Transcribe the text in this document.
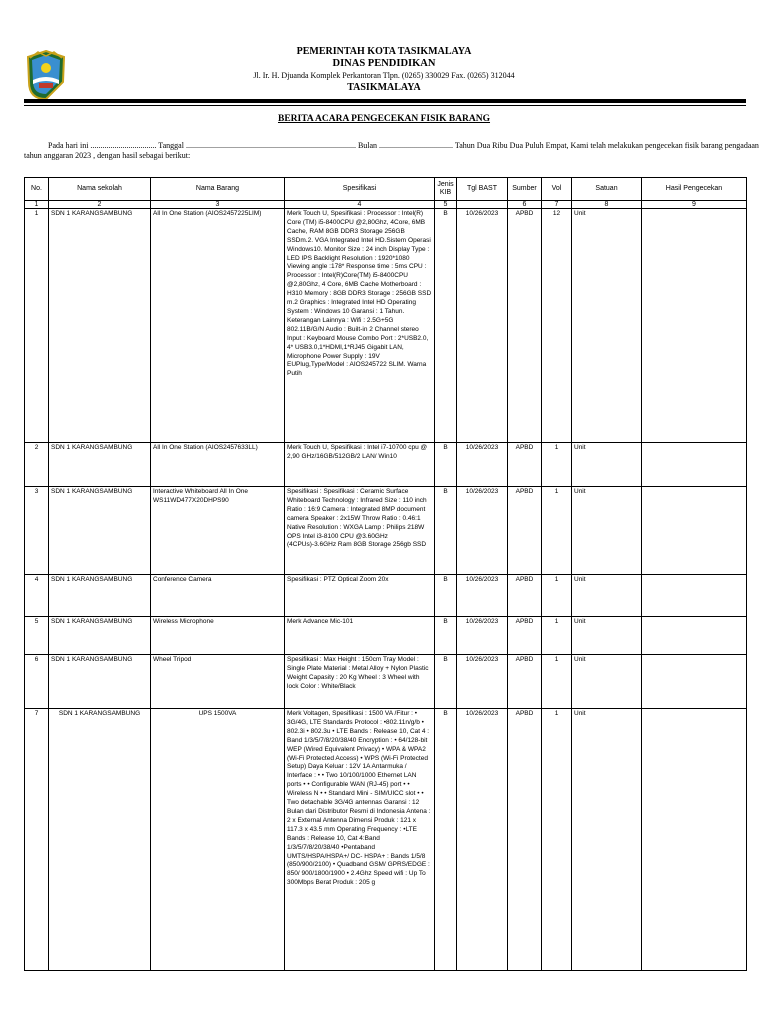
PEMERINTAH KOTA TASIKMALAYA
DINAS PENDIDIKAN
Jl. Ir. H. Djuanda Komplek Perkantoran Tlpn. (0265) 330029 Fax. (0265) 312044
TASIKMALAYA
BERITA ACARA PENGECEKAN FISIK BARANG
Pada hari ini ................................. Tanggal ..................................................................................... Bulan ..................................... Tahun Dua Ribu Dua Puluh Empat, Kami telah melakukan pengecekan fisik barang pengadaan tahun anggaran 2023 , dengan hasil sebagai berikut:
No.	Nama sekolah	Nama Barang	Spesifikasi	Jenis KIB	Tgl BAST	Sumber	Vol	Satuan	Hasil Pengecekan
1	2	3	4	5		6	7	8	9
1	SDN 1 KARANGSAMBUNG	All In One Station (AIOS2457225LIM)	Merk Touch U, Spesifikasi : Processor : Intel(R) Core (TM) i5-8400CPU @2,80Ghz, 4Core, 6MB Cache, RAM 8GB DDR3 Storage 256GB SSDm.2. VGA Integrated Intel HD.Sistem Operasi Windows10. Monitor Size : 24 inch Display Type : LED IPS Backlight Resolution : 1920*1080 Viewing angle :178* Response time : 5ms CPU : Processor : Intel(R)Core(TM) i5-8400CPU @2,80Ghz, 4 Core, 6MB Cache Motherboard : H310 Memory : 8GB DDR3 Storage : 256GB SSD m.2 Graphics : Integrated Intel HD Operating System : Windows 10 Garansi : 1 Tahun. Keterangan Lainnya : Wifi : 2.5G+5G 802.11B/G/N Audio : Built-in 2 Channel stereo Input : Keyboard Mouse Combo Port : 2*USB2.0, 4* USB3.0,1*HDMI,1*RJ45 Gigabit LAN, Microphone Power Supply : 19V EUPlug,Type/Model : AIOS245722 SLIM. Warna Putih	B	10/26/2023	APBD	12	Unit	
2	SDN 1 KARANGSAMBUNG	All In One Station (AIOS2457633LL)	Merk Touch U, Spesifikasi : Intel i7-10700 cpu @ 2,90 GHz/16GB/512GB/2 LAN/ Win10	B	10/26/2023	APBD	1	Unit	
3	SDN 1 KARANGSAMBUNG	Interactive Whiteboard All In One WS11WD477X20DHPS90	Spesifikasi : Spesifikasi : Ceramic Surface Whiteboard Technology : Infrared Size : 110 inch Ratio : 16:9 Camera : Integrated 8MP document camera Speaker : 2x15W Throw Ratio : 0.46:1 Native Resolution : WXGA Lamp : Philips 218W OPS Intel i3-8100 CPU @3.60GHz (4CPUs)-3.6GHz Ram 8GB Storage 256gb SSD	B	10/26/2023	APBD	1	Unit	
4	SDN 1 KARANGSAMBUNG	Conference Camera	Spesifikasi : PTZ Optical Zoom 20x	B	10/26/2023	APBD	1	Unit	
5	SDN 1 KARANGSAMBUNG	Wireless Microphone	Merk Advance Mic-101	B	10/26/2023	APBD	1	Unit	
6	SDN 1 KARANGSAMBUNG	Wheel Tripod	Spesifikasi : Max Height : 150cm Tray Model : Single Plate Material : Metal Alloy + Nylon Plastic Weight Capasity : 20 Kg Wheel : 3 Wheel with lock Color : White/Black	B	10/26/2023	APBD	1	Unit	
7	SDN 1 KARANGSAMBUNG	UPS 1500VA	Merk Voltagen, Spesifikasi : 1500 VA /Fitur : • 3G/4G, LTE Standards Protocol : •802.11n/g/b • 802.3i • 802.3u • LTE Bands : Release 10, Cat 4 : Band 1/3/5/7/8/20/38/40 Encryption : • 64/128-bit WEP (Wired Equivalent Privacy) • WPA & WPA2 (Wi-Fi Protected Access) • WPS (Wi-Fi Protected Setup) Daya Keluar : 12V 1A Antarmuka / Interface : • • Two 10/100/1000 Ethernet LAN ports • • Configurable WAN (RJ-45) port • • Wireless N • • Standard Mini - SIM/UICC slot • • Two detachable 3G/4G antennas Garansi : 12 Bulan dari Distributor Resmi di Indonesia Antena : 2 x External Antenna Dimensi Produk : 121 x 117.3 x 43.5 mm Operating Frequency : •LTE Bands : Release 10, Cat 4:Band 1/3/5/7/8/20/38/40 •Pentaband UMTS/HSPA/HSPA+/ DC- HSPA+ : Bands 1/5/8 (850/900/2100) • Quadband GSM/ GPRS/EDGE : 850/ 900/1800/1900 • 2.4Ghz Speed wifi : Up To 300Mbps Berat Produk : 205 g	B	10/26/2023	APBD	1	Unit	
